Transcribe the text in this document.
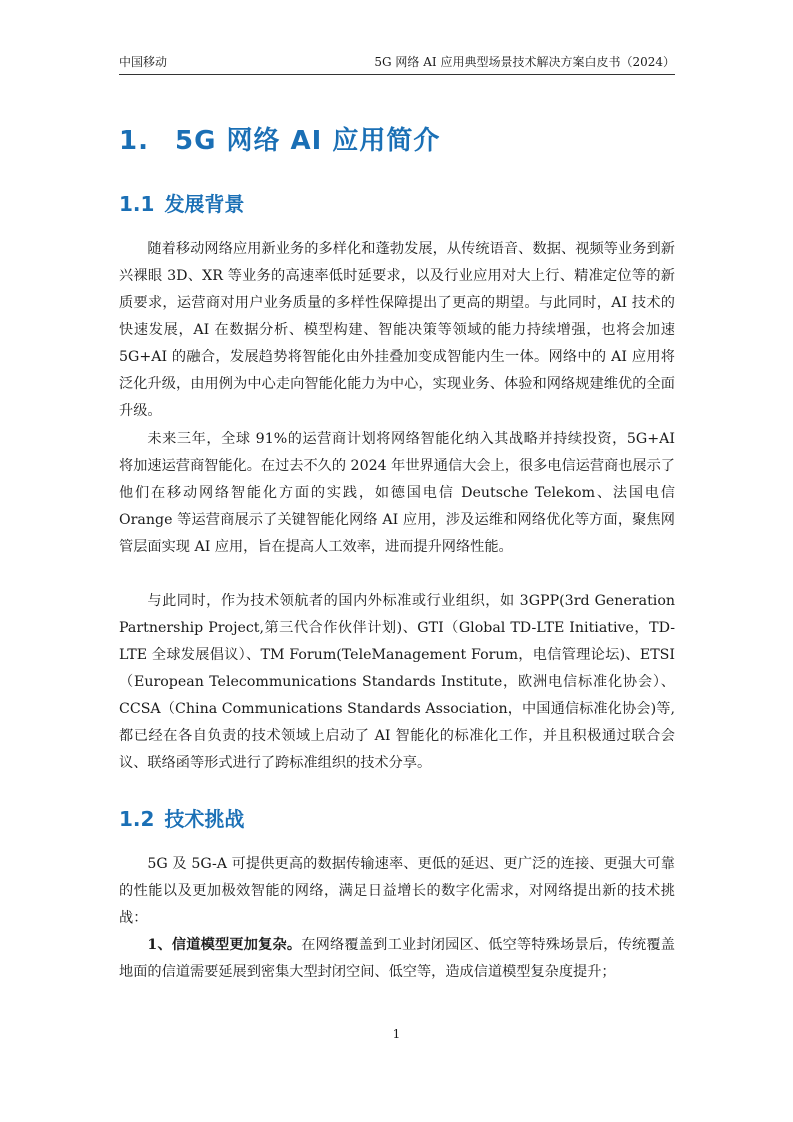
中国移动	5G 网络 AI 应用典型场景技术解决方案白皮书（2024）
1. 5G 网络 AI 应用简介
1.1 发展背景

随着移动网络应用新业务的多样化和蓬勃发展，从传统语音、数据、视频等业务到新兴裸眼 3D、XR 等业务的高速率低时延要求，以及行业应用对大上行、精准定位等的新质要求，运营商对用户业务质量的多样性保障提出了更高的期望。与此同时，AI 技术的快速发展，AI 在数据分析、模型构建、智能决策等领域的能力持续增强，也将会加速 5G+AI 的融合，发展趋势将智能化由外挂叠加变成智能内生一体。网络中的 AI 应用将泛化升级，由用例为中心走向智能化能力为中心，实现业务、体验和网络规建维优的全面升级。

未来三年，全球 91%的运营商计划将网络智能化纳入其战略并持续投资，5G+AI 将加速运营商智能化。在过去不久的 2024 年世界通信大会上，很多电信运营商也展示了他们在移动网络智能化方面的实践，如德国电信 Deutsche Telekom、法国电信 Orange 等运营商展示了关键智能化网络 AI 应用，涉及运维和网络优化等方面，聚焦网管层面实现 AI 应用，旨在提高人工效率，进而提升网络性能。

与此同时，作为技术领航者的国内外标准或行业组织，如 3GPP(3rd Generation Partnership Project,第三代合作伙伴计划)、GTI（Global TD-LTE Initiative，TD-LTE 全球发展倡议）、TM Forum(TeleManagement Forum，电信管理论坛)、ETSI（European Telecommunications Standards Institute，欧洲电信标准化协会）、CCSA（China Communications Standards Association，中国通信标准化协会)等,都已经在各自负责的技术领域上启动了 AI 智能化的标准化工作，并且积极通过联合会议、联络函等形式进行了跨标准组织的技术分享。

1.2 技术挑战

5G 及 5G-A 可提供更高的数据传输速率、更低的延迟、更广泛的连接、更强大可靠的性能以及更加极效智能的网络，满足日益增长的数字化需求，对网络提出新的技术挑战：

1、信道模型更加复杂。在网络覆盖到工业封闭园区、低空等特殊场景后，传统覆盖地面的信道需要延展到密集大型封闭空间、低空等，造成信道模型复杂度提升；

1
